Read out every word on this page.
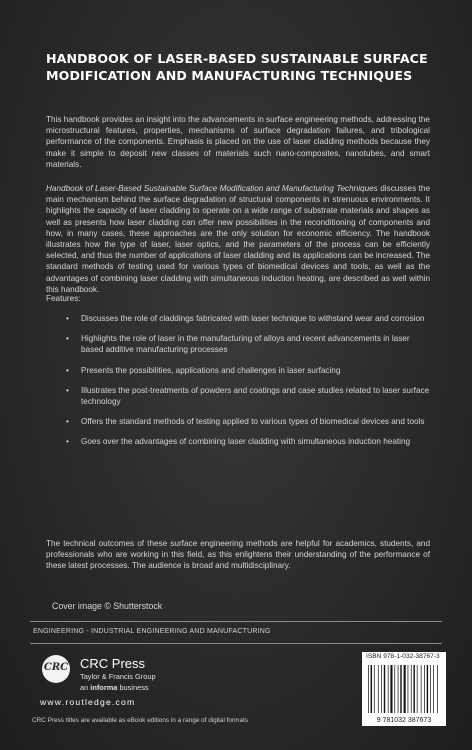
HANDBOOK OF LASER-BASED SUSTAINABLE SURFACE MODIFICATION AND MANUFACTURING TECHNIQUES
This handbook provides an insight into the advancements in surface engineering methods, addressing the microstructural features, properties, mechanisms of surface degradation failures, and tribological performance of the components. Emphasis is placed on the use of laser cladding methods because they make it simple to deposit new classes of materials such nano-composites, nanotubes, and smart materials.
Handbook of Laser-Based Sustainable Surface Modification and Manufacturing Techniques discusses the main mechanism behind the surface degradation of structural components in strenuous environments. It highlights the capacity of laser cladding to operate on a wide range of substrate materials and shapes as well as presents how laser cladding can offer new possibilities in the reconditioning of components and how, in many cases, these approaches are the only solution for economic efficiency. The handbook illustrates how the type of laser, laser optics, and the parameters of the process can be efficiently selected, and thus the number of applications of laser cladding and its applications can be increased. The standard methods of testing used for various types of biomedical devices and tools, as well as the advantages of combining laser cladding with simultaneous induction heating, are described as well within this handbook.
Features:
• Discusses the role of claddings fabricated with laser technique to withstand wear and corrosion
• Highlights the role of laser in the manufacturing of alloys and recent advancements in laser based additive manufacturing processes
• Presents the possibilities, applications and challenges in laser surfacing
• Illustrates the post-treatments of powders and coatings and case studies related to laser surface technology
• Offers the standard methods of testing applied to various types of biomedical devices and tools
• Goes over the advantages of combining laser cladding with simultaneous induction heating
The technical outcomes of these surface engineering methods are helpful for academics, students, and professionals who are working in this field, as this enlightens their understanding of the performance of these latest processes. The audience is broad and multidisciplinary.
Cover image © Shutterstock
ENGINEERING - INDUSTRIAL ENGINEERING AND MANUFACTURING
CRC CRC Press
Taylor & Francis Group
an informa business
www.routledge.com
CRC Press titles are available as eBook editions in a range of digital formats
ISBN 978-1-032-38767-3
9 781032 387673
